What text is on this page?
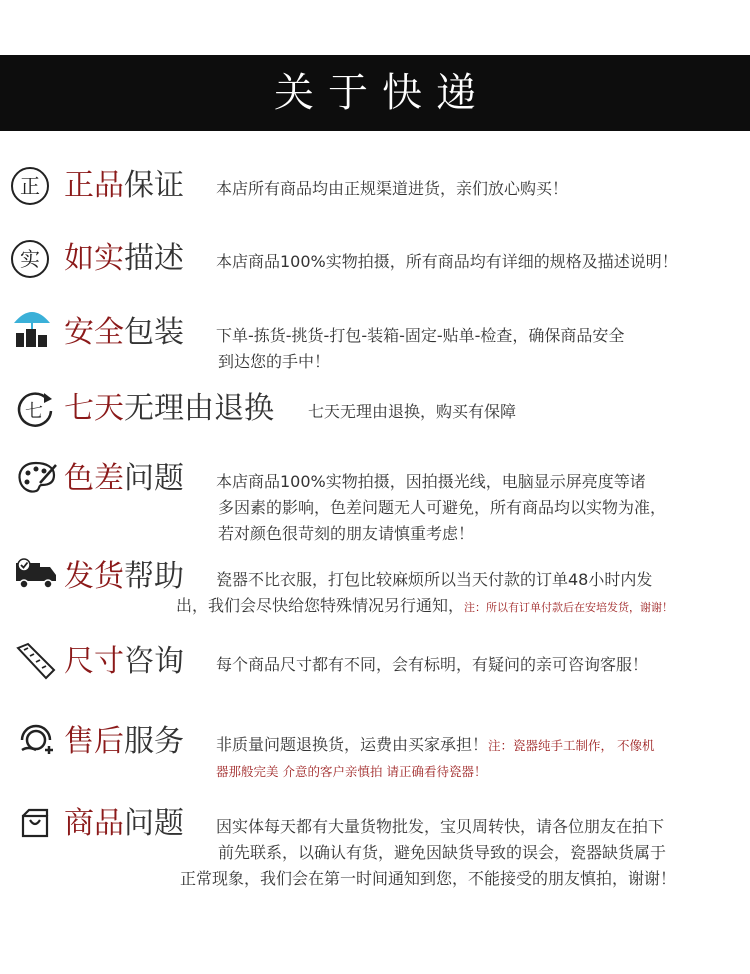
关于快递
正 正品保证 本店所有商品均由正规渠道进货，亲们放心购买！
实 如实描述 本店商品100%实物拍摄，所有商品均有详细的规格及描述说明！
安全包装 下单-拣货-挑货-打包-装箱-固定-贴单-检查，确保商品安全
到达您的手中！
七 七天无理由退换 七天无理由退换，购买有保障
色差问题 本店商品100%实物拍摄，因拍摄光线，电脑显示屏亮度等诸
多因素的影响，色差问题无人可避免，所有商品均以实物为准，
若对颜色很苛刻的朋友请慎重考虑！
发货帮助 瓷器不比衣服，打包比较麻烦所以当天付款的订单48小时内发
出，我们会尽快给您特殊情况另行通知，注：所以有订单付款后在安培发货，谢谢！
尺寸咨询 每个商品尺寸都有不同，会有标明，有疑问的亲可咨询客服！
售后服务 非质量问题退换货，运费由买家承担！注：瓷器纯手工制作， 不像机
器那般完美 介意的客户亲慎拍 请正确看待瓷器！
商品问题 因实体每天都有大量货物批发，宝贝周转快，请各位朋友在拍下
前先联系，以确认有货，避免因缺货导致的误会，瓷器缺货属于
正常现象，我们会在第一时间通知到您，不能接受的朋友慎拍，谢谢！
